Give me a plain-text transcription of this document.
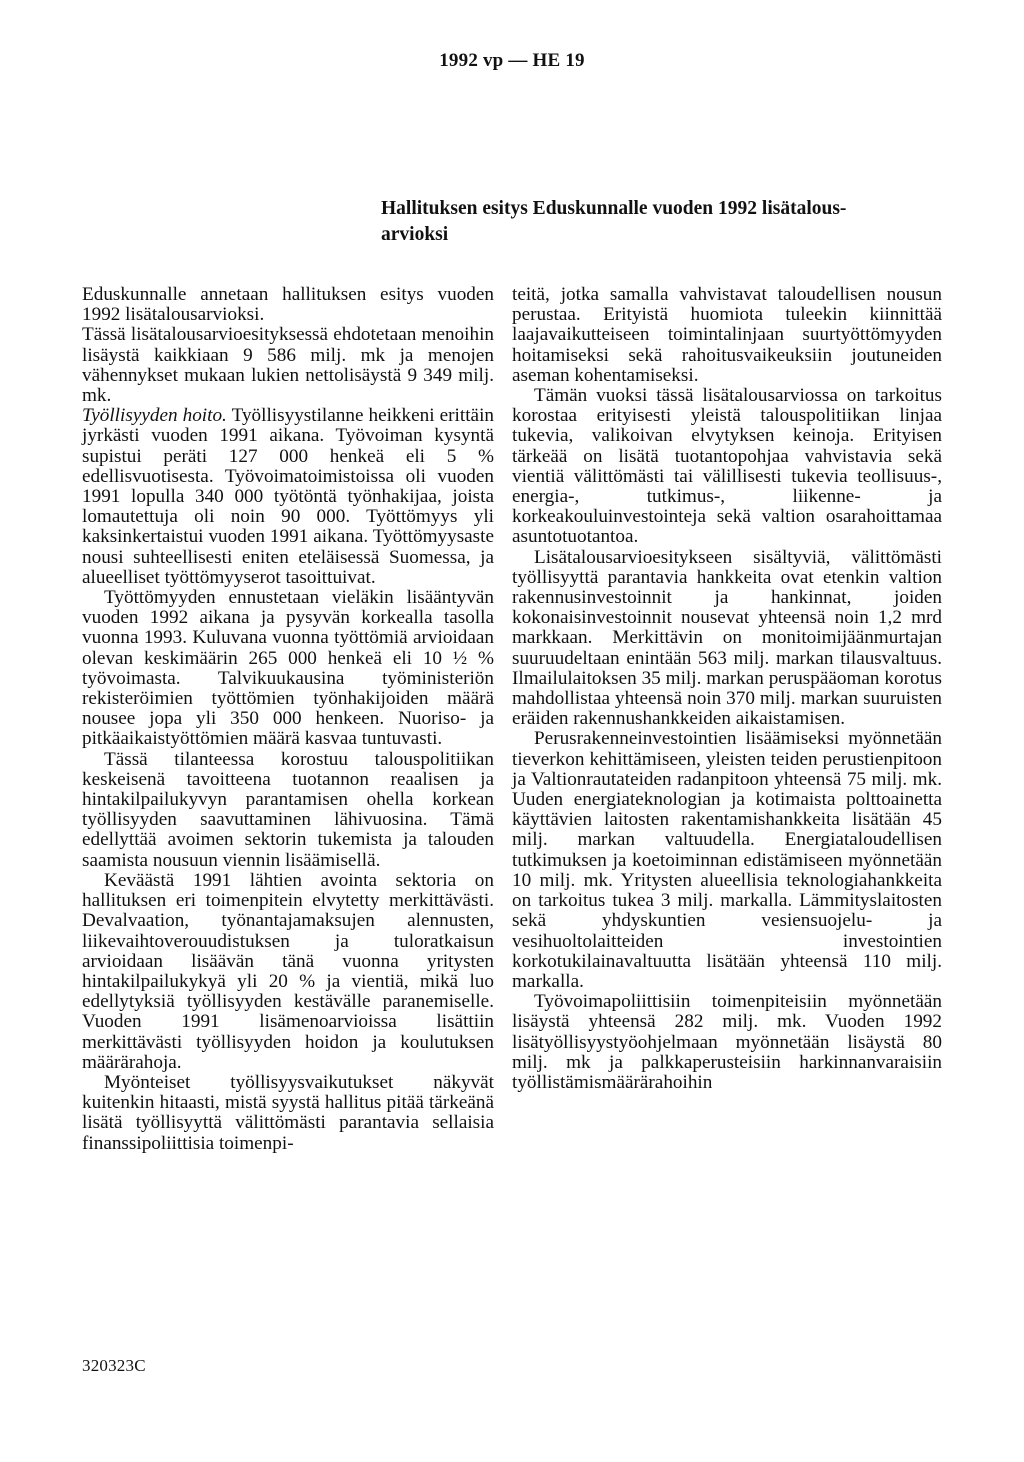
1992 vp — HE 19
Hallituksen esitys Eduskunnalle vuoden 1992 lisätalous-
arvioksi

Eduskunnalle annetaan hallituksen esitys vuoden 1992 lisätalousarvioksi.

Tässä lisätalousarvioesityksessä ehdotetaan menoihin lisäystä kaikkiaan 9 586 milj. mk ja menojen vähennykset mukaan lukien nettolisäystä 9 349 milj. mk.

Työllisyyden hoito. Työllisyystilanne heikkeni erittäin jyrkästi vuoden 1991 aikana. Työvoiman kysyntä supistui peräti 127 000 henkeä eli 5 % edellisvuotisesta. Työvoimatoimistoissa oli vuoden 1991 lopulla 340 000 työtöntä työnhakijaa, joista lomautettuja oli noin 90 000. Työttömyys yli kaksinkertaistui vuoden 1991 aikana. Työttömyysaste nousi suhteellisesti eniten eteläisessä Suomessa, ja alueelliset työttömyyserot tasoittuivat.

Työttömyyden ennustetaan vieläkin lisääntyvän vuoden 1992 aikana ja pysyvän korkealla tasolla vuonna 1993. Kuluvana vuonna työttömiä arvioidaan olevan keskimäärin 265 000 henkeä eli 10 ½ % työvoimasta. Talvikuukausina työministeriön rekisteröimien työttömien työnhakijoiden määrä nousee jopa yli 350 000 henkeen. Nuoriso- ja pitkäaikaistyöttömien määrä kasvaa tuntuvasti.

Tässä tilanteessa korostuu talouspolitiikan keskeisenä tavoitteena tuotannon reaalisen ja hintakilpailukyvyn parantamisen ohella korkean työllisyyden saavuttaminen lähivuosina. Tämä edellyttää avoimen sektorin tukemista ja talouden saamista nousuun viennin lisäämisellä.

Keväästä 1991 lähtien avointa sektoria on hallituksen eri toimenpitein elvytetty merkittävästi. Devalvaation, työnantajamaksujen alennusten, liikevaihtoverouudistuksen ja tuloratkaisun arvioidaan lisäävän tänä vuonna yritysten hintakilpailukykyä yli 20 % ja vientiä, mikä luo edellytyksiä työllisyyden kestävälle paranemiselle. Vuoden 1991 lisämenoarvioissa lisättiin merkittävästi työllisyyden hoidon ja koulutuksen määrärahoja.

Myönteiset työllisyysvaikutukset näkyvät kuitenkin hitaasti, mistä syystä hallitus pitää tärkeänä lisätä työllisyyttä välittömästi parantavia sellaisia finanssipoliittisia toimenpi-

teitä, jotka samalla vahvistavat taloudellisen nousun perustaa. Erityistä huomiota tuleekin kiinnittää laajavaikutteiseen toimintalinjaan suurtyöttömyyden hoitamiseksi sekä rahoitusvaikeuksiin joutuneiden aseman kohentamiseksi.

Tämän vuoksi tässä lisätalousarviossa on tarkoitus korostaa erityisesti yleistä talouspolitiikan linjaa tukevia, valikoivan elvytyksen keinoja. Erityisen tärkeää on lisätä tuotantopohjaa vahvistavia sekä vientiä välittömästi tai välillisesti tukevia teollisuus-, energia-, tutkimus-, liikenne- ja korkeakouluinvestointeja sekä valtion osarahoittamaa asuntotuotantoa.

Lisätalousarvioesitykseen sisältyviä, välittömästi työllisyyttä parantavia hankkeita ovat etenkin valtion rakennusinvestoinnit ja hankinnat, joiden kokonaisinvestoinnit nousevat yhteensä noin 1,2 mrd markkaan. Merkittävin on monitoimijäänmurtajan suuruudeltaan enintään 563 milj. markan tilausvaltuus. Ilmailulaitoksen 35 milj. markan peruspääoman korotus mahdollistaa yhteensä noin 370 milj. markan suuruisten eräiden rakennushankkeiden aikaistamisen.

Perusrakenneinvestointien lisäämiseksi myönnetään tieverkon kehittämiseen, yleisten teiden perustienpitoon ja Valtionrautateiden radanpitoon yhteensä 75 milj. mk. Uuden energiateknologian ja kotimaista polttoainetta käyttävien laitosten rakentamishankkeita lisätään 45 milj. markan valtuudella. Energiataloudellisen tutkimuksen ja koetoiminnan edistämiseen myönnetään 10 milj. mk. Yritysten alueellisia teknologiahankkeita on tarkoitus tukea 3 milj. markalla. Lämmityslaitosten sekä yhdyskuntien vesiensuojelu- ja vesihuoltolaitteiden investointien korkotukilainavaltuutta lisätään yhteensä 110 milj. markalla.

Työvoimapoliittisiin toimenpiteisiin myönnetään lisäystä yhteensä 282 milj. mk. Vuoden 1992 lisätyöllisyystyöohjelmaan myönnetään lisäystä 80 milj. mk ja palkkaperusteisiin harkinnanvaraisiin työllistämismäärärahoihin

320323C
